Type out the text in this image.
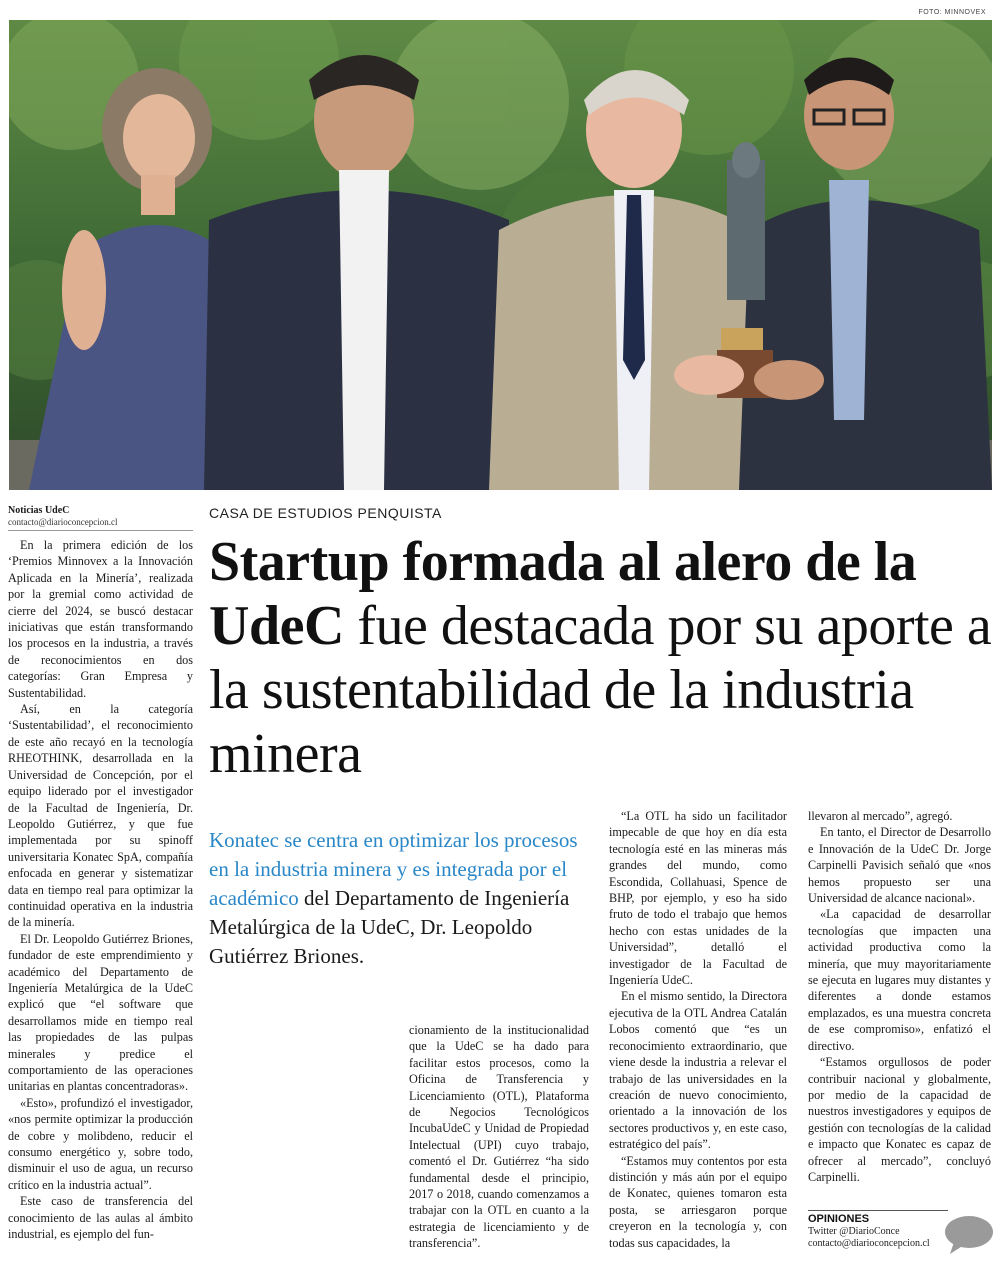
FOTO: MINNOVEX
Noticias UdeC
contacto@diarioconcepcion.cl
CASA DE ESTUDIOS PENQUISTA
Startup formada al alero de la UdeC fue destacada por su aporte a la sustentabilidad de la industria minera
Konatec se centra en optimizar los procesos en la industria minera y es integrada por el académico del Departamento de Ingeniería Metalúrgica de la UdeC, Dr. Leopoldo Gutiérrez Briones.

En la primera edición de los ‘Premios Minnovex a la Innovación Aplicada en la Minería’, realizada por la gremial como actividad de cierre del 2024, se buscó destacar iniciativas que están transformando los procesos en la industria, a través de reconocimientos en dos categorías: Gran Empresa y Sustentabilidad.

Así, en la categoría ‘Sustentabilidad’, el reconocimiento de este año recayó en la tecnología RHEOTHINK, desarrollada en la Universidad de Concepción, por el equipo liderado por el investigador de la Facultad de Ingeniería, Dr. Leopoldo Gutiérrez, y que fue implementada por su spinoff universitaria Konatec SpA, compañía enfocada en generar y sistematizar data en tiempo real para optimizar la continuidad operativa en la industria de la minería.

El Dr. Leopoldo Gutiérrez Briones, fundador de este emprendimiento y académico del Departamento de Ingeniería Metalúrgica de la UdeC explicó que “el software que desarrollamos mide en tiempo real las propiedades de las pulpas minerales y predice el comportamiento de las operaciones unitarias en plantas concentradoras».

«Esto», profundizó el investigador, «nos permite optimizar la producción de cobre y molibdeno, reducir el consumo energético y, sobre todo, disminuir el uso de agua, un recurso crítico en la industria actual”.

Este caso de transferencia del conocimiento de las aulas al ámbito industrial, es ejemplo del fun-

cionamiento de la institucionalidad que la UdeC se ha dado para facilitar estos procesos, como la Oficina de Transferencia y Licenciamiento (OTL), Plataforma de Negocios Tecnológicos IncubaUdeC y Unidad de Propiedad Intelectual (UPI) cuyo trabajo, comentó el Dr. Gutiérrez “ha sido fundamental desde el principio, 2017 o 2018, cuando comenzamos a trabajar con la OTL en cuanto a la estrategia de licenciamiento y de transferencia”.

“La OTL ha sido un facilitador impecable de que hoy en día esta tecnología esté en las mineras más grandes del mundo, como Escondida, Collahuasi, Spence de BHP, por ejemplo, y eso ha sido fruto de todo el trabajo que hemos hecho con estas unidades de la Universidad”, detalló el investigador de la Facultad de Ingeniería UdeC.

En el mismo sentido, la Directora ejecutiva de la OTL Andrea Catalán Lobos comentó que “es un reconocimiento extraordinario, que viene desde la industria a relevar el trabajo de las universidades en la creación de nuevo conocimiento, orientado a la innovación de los sectores productivos y, en este caso, estratégico del país”.

“Estamos muy contentos por esta distinción y más aún por el equipo de Konatec, quienes tomaron esta posta, se arriesgaron porque creyeron en la tecnología y, con todas sus capacidades, la

llevaron al mercado”, agregó.

En tanto, el Director de Desarrollo e Innovación de la UdeC Dr. Jorge Carpinelli Pavisich señaló que «nos hemos propuesto ser una Universidad de alcance nacional».

«La capacidad de desarrollar tecnologías que impacten una actividad productiva como la minería, que muy mayoritariamente se ejecuta en lugares muy distantes y diferentes a donde estamos emplazados, es una muestra concreta de ese compromiso», enfatizó el directivo.

“Estamos orgullosos de poder contribuir nacional y globalmente, por medio de la capacidad de nuestros investigadores y equipos de gestión con tecnologías de la calidad e impacto que Konatec es capaz de ofrecer al mercado”, concluyó Carpinelli.

OPINIONES
Twitter @DiarioConce
contacto@diarioconcepcion.cl
